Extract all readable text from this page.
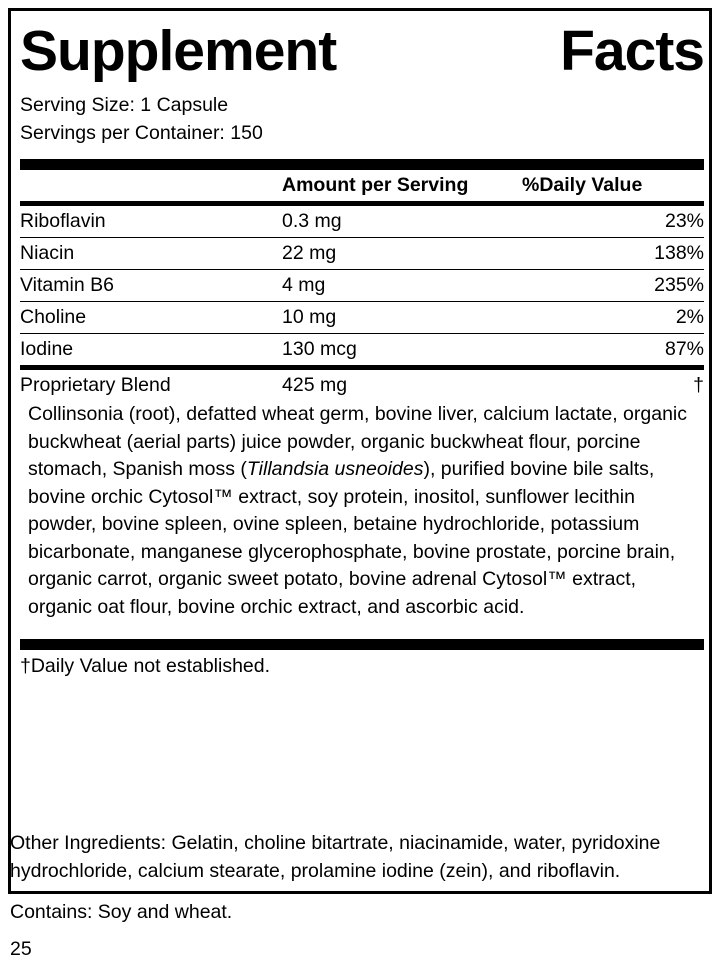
Supplement	Facts
Serving Size: 1 Capsule
Servings per Container: 150
	Amount per Serving	%Daily Value
Riboflavin	0.3 mg	23%
Niacin	22 mg	138%
Vitamin B6	4 mg	235%
Choline	10 mg	2%
Iodine	130 mcg	87%
Proprietary Blend	425 mg	†
Collinsonia (root), defatted wheat germ, bovine liver, calcium lactate, organic buckwheat (aerial parts) juice powder, organic buckwheat flour, porcine stomach, Spanish moss (Tillandsia usneoides), purified bovine bile salts, bovine orchic Cytosol™ extract, soy protein, inositol, sunflower lecithin powder, bovine spleen, ovine spleen, betaine hydrochloride, potassium bicarbonate, manganese glycerophosphate, bovine prostate, porcine brain, organic carrot, organic sweet potato, bovine adrenal Cytosol™ extract, organic oat flour, bovine orchic extract, and ascorbic acid.
†Daily Value not established.
Other Ingredients: Gelatin, choline bitartrate, niacinamide, water, pyridoxine hydrochloride, calcium stearate, prolamine iodine (zein), and riboflavin.
Contains: Soy and wheat.
25
